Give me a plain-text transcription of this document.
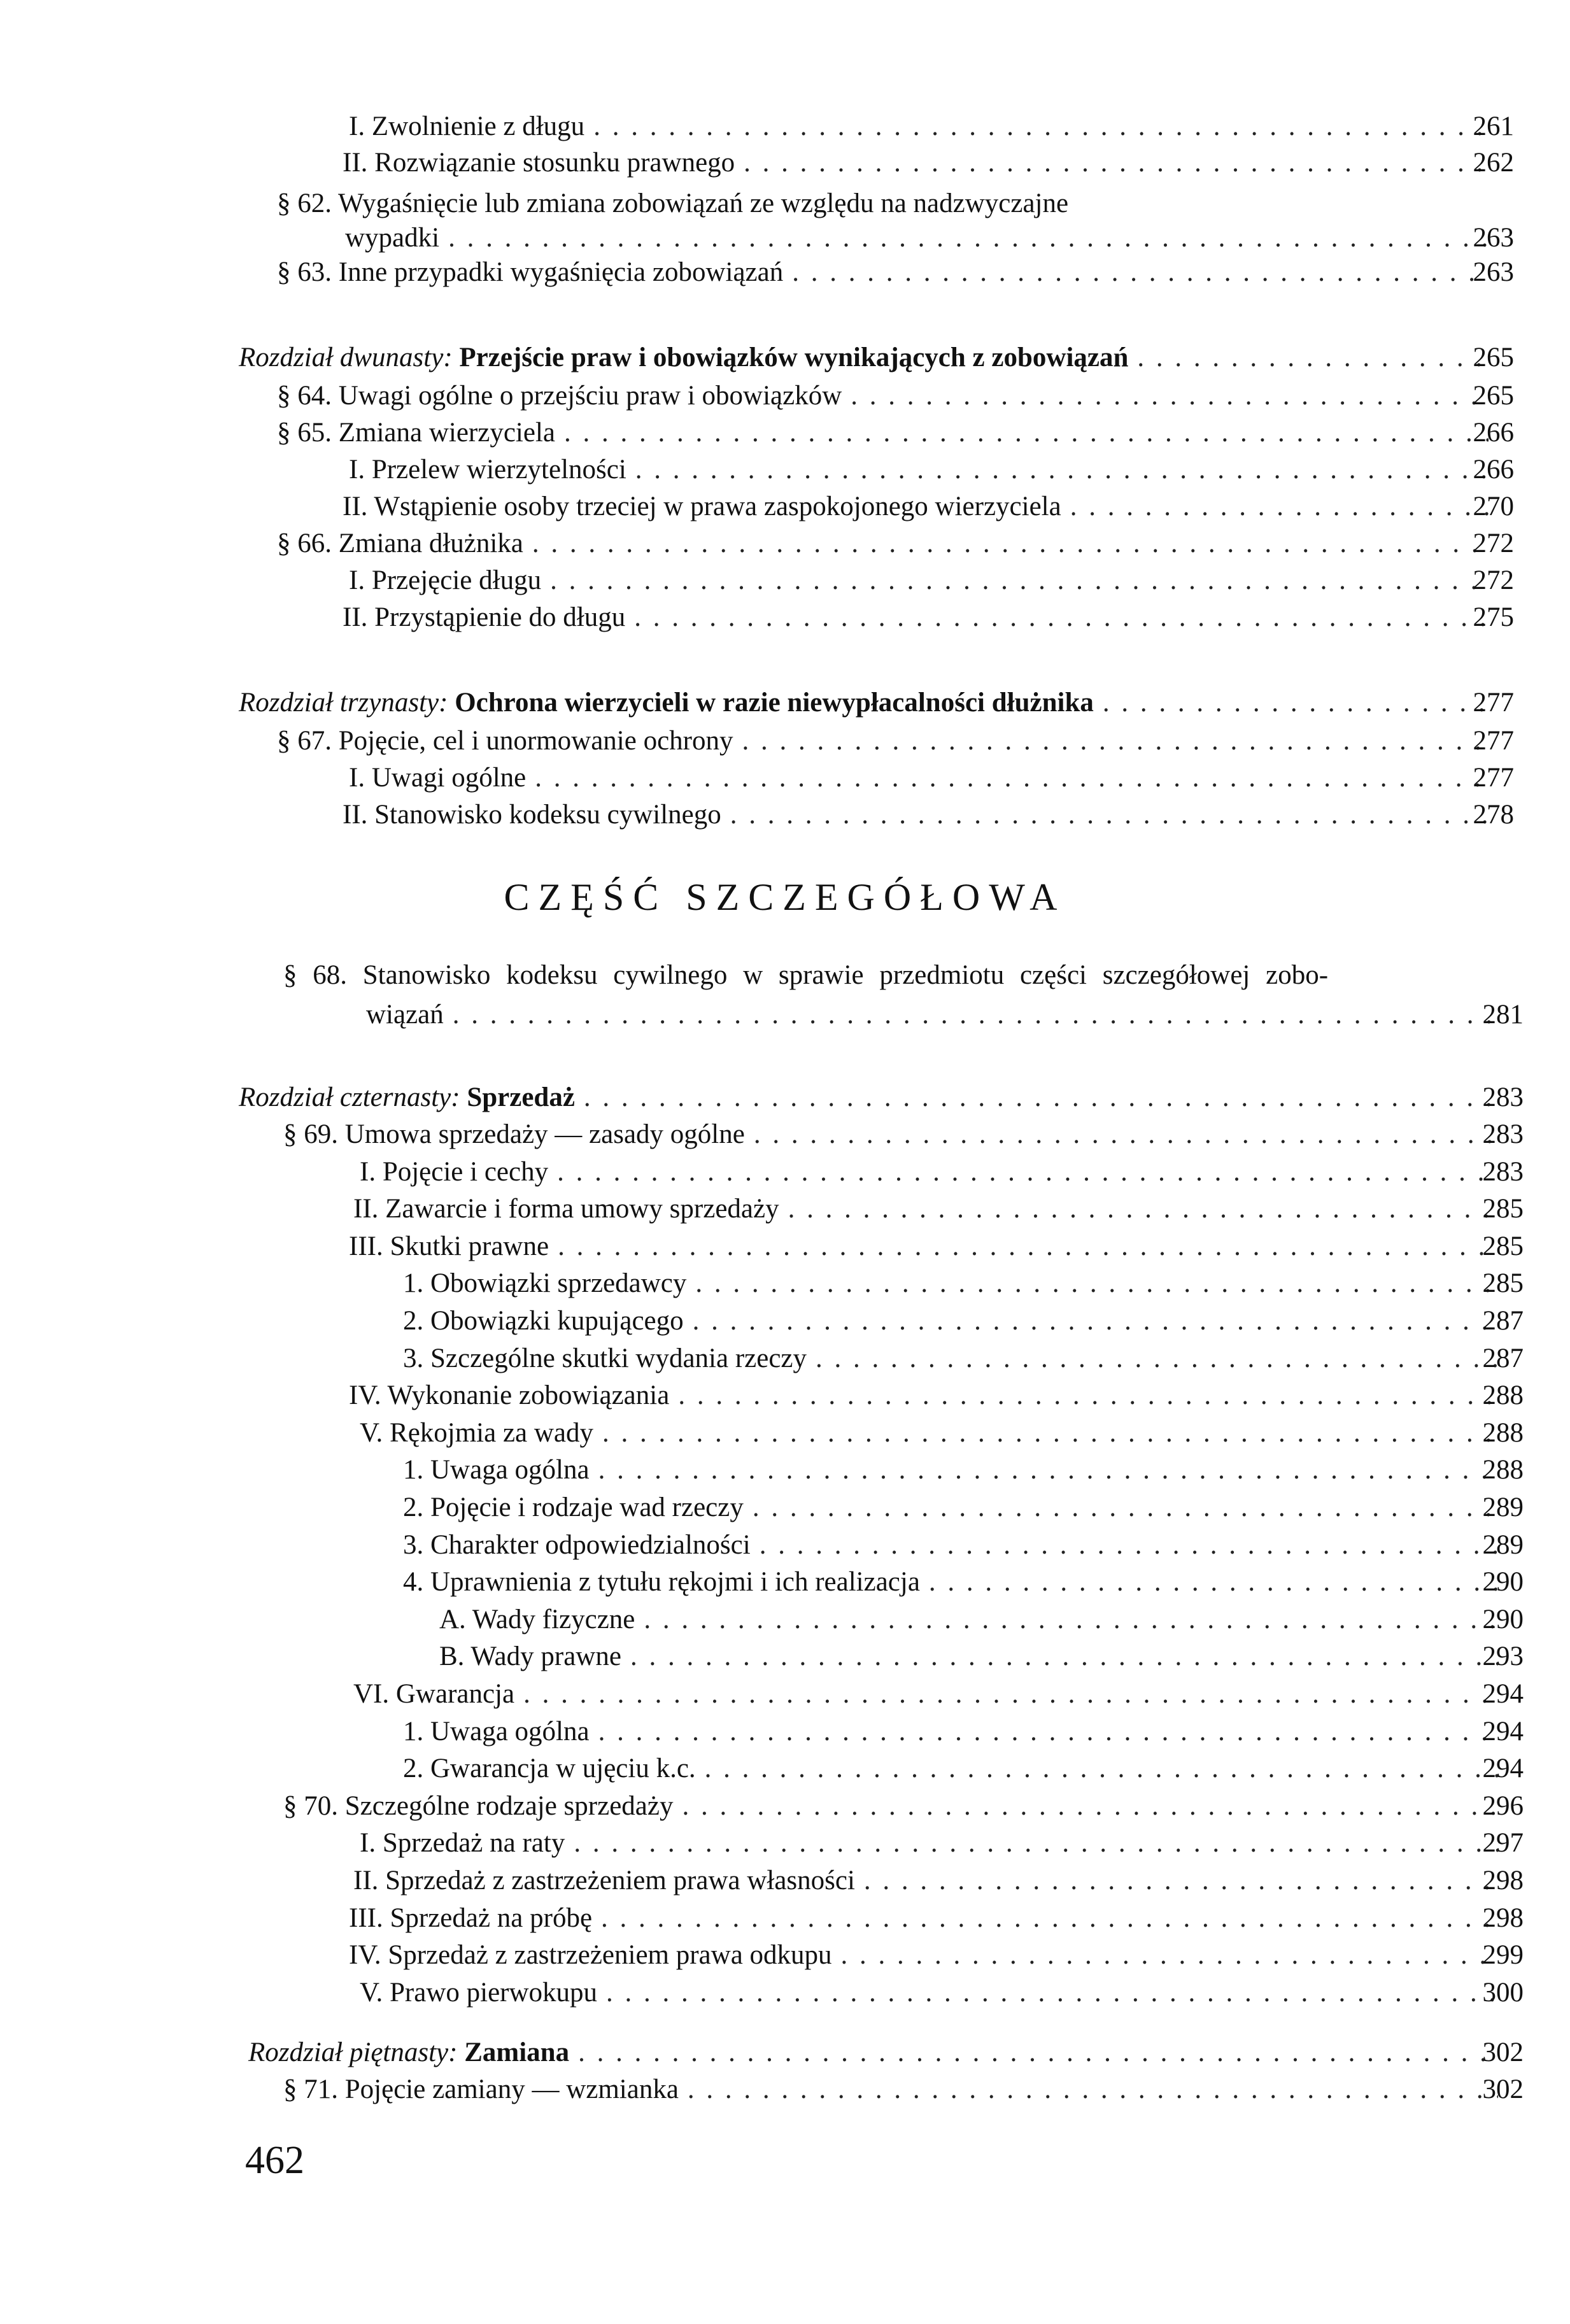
I. Zwolnienie z długu . . .	261
II. Rozwiązanie stosunku prawnego . . .	262
§ 62. Wygaśnięcie lub zmiana zobowiązań ze względu na nadzwyczajne
wypadki . . .	263
§ 63. Inne przypadki wygaśnięcia zobowiązań . . .	263
Rozdział dwunasty: Przejście praw i obowiązków wynikających z zobowiązań . . .	265
§ 64. Uwagi ogólne o przejściu praw i obowiązków . . .	265
§ 65. Zmiana wierzyciela . . .	266
I. Przelew wierzytelności . . .	266
II. Wstąpienie osoby trzeciej w prawa zaspokojonego wierzyciela . . .	270
§ 66. Zmiana dłużnika . . .	272
I. Przejęcie długu . . .	272
II. Przystąpienie do długu . . .	275
Rozdział trzynasty: Ochrona wierzycieli w razie niewypłacalności dłużnika . . .	277
§ 67. Pojęcie, cel i unormowanie ochrony . . .	277
I. Uwagi ogólne . . .	277
II. Stanowisko kodeksu cywilnego . . .	278
CZĘŚĆ SZCZEGÓŁOWA
§ 68. Stanowisko kodeksu cywilnego w sprawie przedmiotu części szczegółowej zobo-
wiązań . . .	281
Rozdział czternasty: Sprzedaż . . .	283
§ 69. Umowa sprzedaży — zasady ogólne . . .	283
I. Pojęcie i cechy . . .	283
II. Zawarcie i forma umowy sprzedaży . . .	285
III. Skutki prawne . . .	285
1. Obowiązki sprzedawcy . . .	285
2. Obowiązki kupującego . . .	287
3. Szczególne skutki wydania rzeczy . . .	287
IV. Wykonanie zobowiązania . . .	288
V. Rękojmia za wady . . .	288
1. Uwaga ogólna . . .	288
2. Pojęcie i rodzaje wad rzeczy . . .	289
3. Charakter odpowiedzialności . . .	289
4. Uprawnienia z tytułu rękojmi i ich realizacja . . .	290
A. Wady fizyczne . . .	290
B. Wady prawne . . .	293
VI. Gwarancja . . .	294
1. Uwaga ogólna . . .	294
2. Gwarancja w ujęciu k.c. . . .	294
§ 70. Szczególne rodzaje sprzedaży . . .	296
I. Sprzedaż na raty . . .	297
II. Sprzedaż z zastrzeżeniem prawa własności . . .	298
III. Sprzedaż na próbę . . .	298
IV. Sprzedaż z zastrzeżeniem prawa odkupu . . .	299
V. Prawo pierwokupu . . .	300
Rozdział piętnasty: Zamiana . . .	302
§ 71. Pojęcie zamiany — wzmianka . . .	302
462
